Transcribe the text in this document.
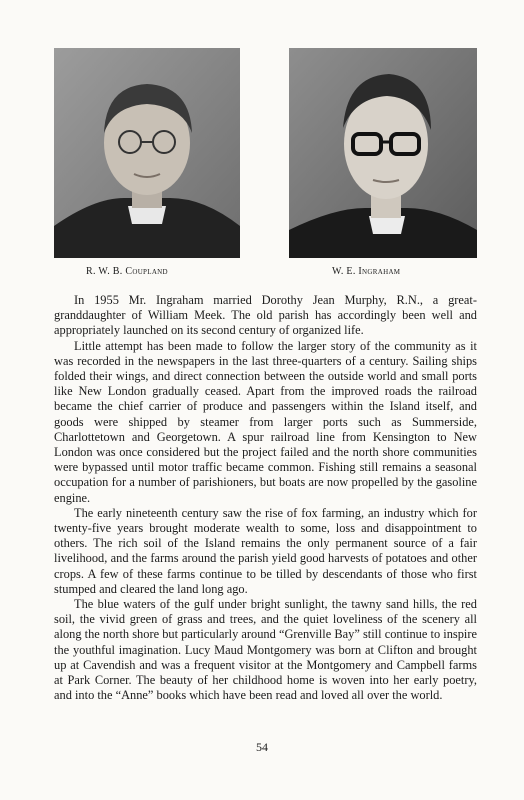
R. W. B. Coupland	W. E. Ingraham

In 1955 Mr. Ingraham married Dorothy Jean Murphy, R.N., a great-granddaughter of William Meek. The old parish has accordingly been well and appropriately launched on its second century of organized life.

Little attempt has been made to follow the larger story of the community as it was recorded in the newspapers in the last three-quarters of a century. Sailing ships folded their wings, and direct connection between the outside world and small ports like New London gradually ceased. Apart from the improved roads the railroad became the chief carrier of produce and passengers within the Island itself, and goods were shipped by steamer from larger ports such as Summerside, Charlottetown and Georgetown. A spur railroad line from Kensington to New London was once considered but the project failed and the north shore communities were bypassed until motor traffic became common. Fishing still remains a seasonal occupation for a number of parishioners, but boats are now propelled by the gasoline engine.

The early nineteenth century saw the rise of fox farming, an industry which for twenty-five years brought moderate wealth to some, loss and disappointment to others. The rich soil of the Island remains the only permanent source of a fair livelihood, and the farms around the parish yield good harvests of potatoes and other crops. A few of these farms continue to be tilled by descendants of those who first stumped and cleared the land long ago.

The blue waters of the gulf under bright sunlight, the tawny sand hills, the red soil, the vivid green of grass and trees, and the quiet loveliness of the scenery all along the north shore but particularly around “Grenville Bay” still continue to inspire the youthful imagination. Lucy Maud Montgomery was born at Clifton and brought up at Cavendish and was a frequent visitor at the Montgomery and Campbell farms at Park Corner. The beauty of her childhood home is woven into her early poetry, and into the “Anne” books which have been read and loved all over the world.

54
